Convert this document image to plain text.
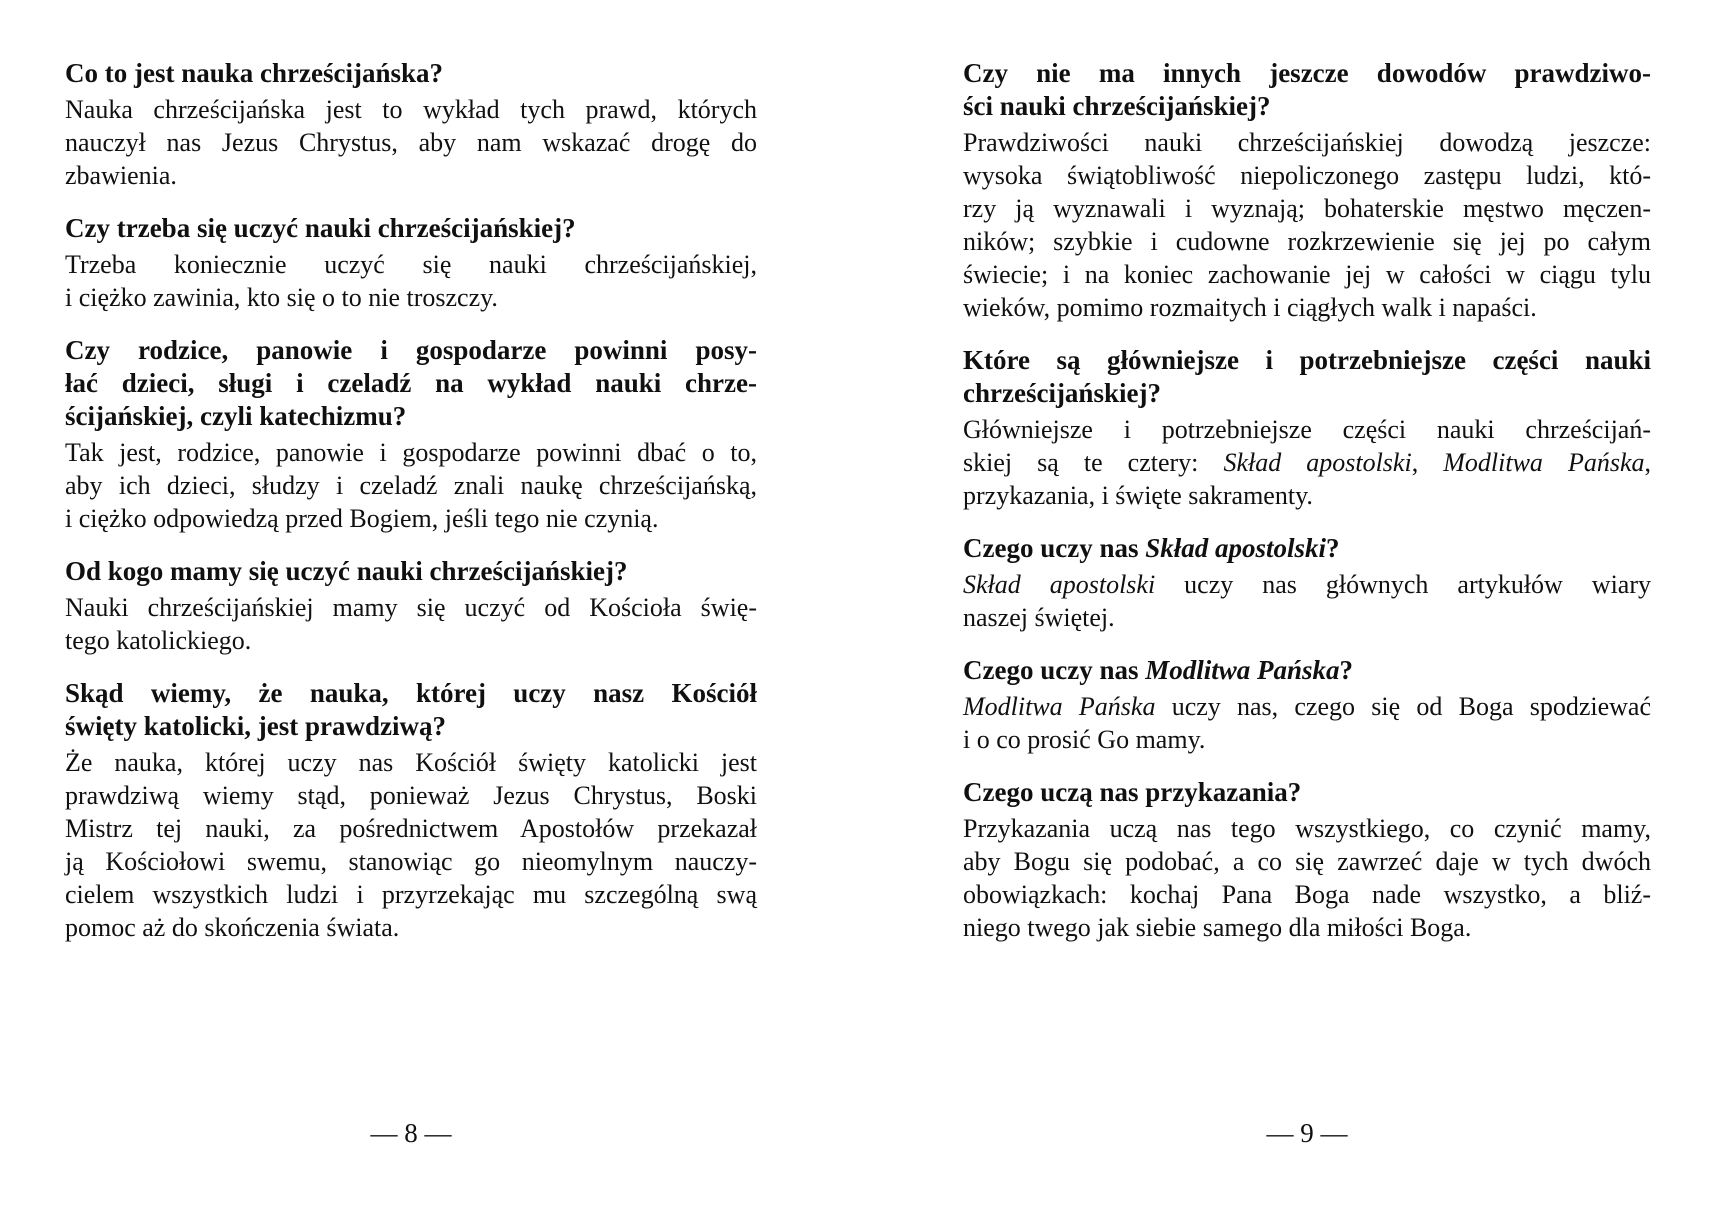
Co to jest nauka chrześcijańska?
Nauka chrześcijańska jest to wykład tych prawd, których
nauczył nas Jezus Chrystus, aby nam wskazać drogę do
zbawienia.
Czy trzeba się uczyć nauki chrześcijańskiej?
Trzeba koniecznie uczyć się nauki chrześcijańskiej,
i ciężko zawinia, kto się o to nie troszczy.
Czy rodzice, panowie i gospodarze powinni posy-
łać dzieci, sługi i czeladź na wykład nauki chrze-
ścijańskiej, czyli katechizmu?
Tak jest, rodzice, panowie i gospodarze powinni dbać o to,
aby ich dzieci, słudzy i czeladź znali naukę chrześcijańską,
i ciężko odpowiedzą przed Bogiem, jeśli tego nie czynią.
Od kogo mamy się uczyć nauki chrześcijańskiej?
Nauki chrześcijańskiej mamy się uczyć od Kościoła świę-
tego katolickiego.
Skąd wiemy, że nauka, której uczy nasz Kościół
święty katolicki, jest prawdziwą?
Że nauka, której uczy nas Kościół święty katolicki jest
prawdziwą wiemy stąd, ponieważ Jezus Chrystus, Boski
Mistrz tej nauki, za pośrednictwem Apostołów przekazał
ją Kościołowi swemu, stanowiąc go nieomylnym nauczy-
cielem wszystkich ludzi i przyrzekając mu szczególną swą
pomoc aż do skończenia świata.
— 8 —
Czy nie ma innych jeszcze dowodów prawdziwo-
ści nauki chrześcijańskiej?
Prawdziwości nauki chrześcijańskiej dowodzą jeszcze:
wysoka świątobliwość niepoliczonego zastępu ludzi, któ-
rzy ją wyznawali i wyznają; bohaterskie męstwo męczen-
ników; szybkie i cudowne rozkrzewienie się jej po całym
świecie; i na koniec zachowanie jej w całości w ciągu tylu
wieków, pomimo rozmaitych i ciągłych walk i napaści.
Które są główniejsze i potrzebniejsze części nauki
chrześcijańskiej?
Główniejsze i potrzebniejsze części nauki chrześcijań-
skiej są te cztery: Skład apostolski, Modlitwa Pańska,
przykazania, i święte sakramenty.
Czego uczy nas Skład apostolski?
Skład apostolski uczy nas głównych artykułów wiary
naszej świętej.
Czego uczy nas Modlitwa Pańska?
Modlitwa Pańska uczy nas, czego się od Boga spodziewać
i o co prosić Go mamy.
Czego uczą nas przykazania?
Przykazania uczą nas tego wszystkiego, co czynić mamy,
aby Bogu się podobać, a co się zawrzeć daje w tych dwóch
obowiązkach: kochaj Pana Boga nade wszystko, a bliź-
niego twego jak siebie samego dla miłości Boga.
— 9 —
